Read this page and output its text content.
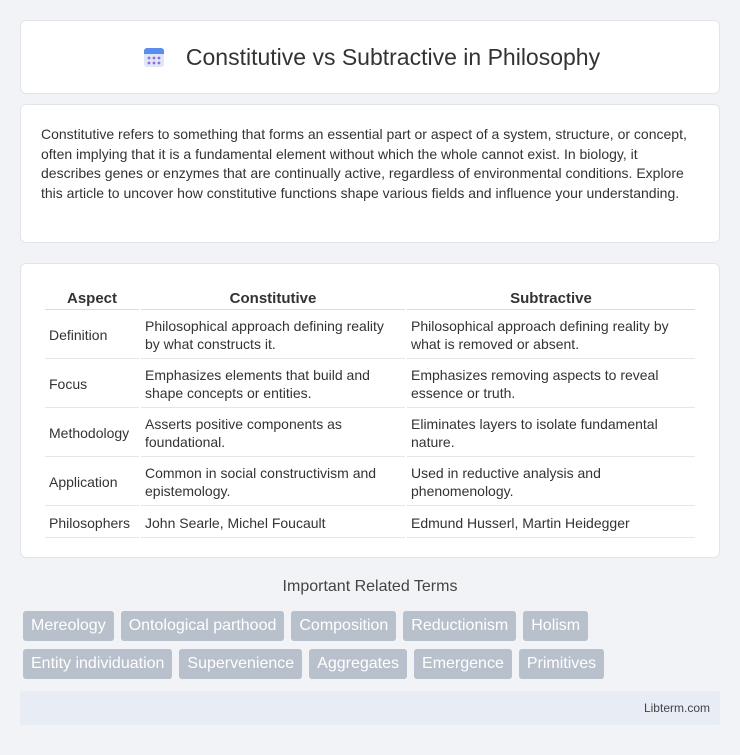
Constitutive vs Subtractive in Philosophy

Constitutive refers to something that forms an essential part or aspect of a system, structure, or concept, often implying that it is a fundamental element without which the whole cannot exist. In biology, it describes genes or enzymes that are continually active, regardless of environmental conditions. Explore this article to uncover how constitutive functions shape various fields and influence your understanding.

Aspect	Constitutive	Subtractive
Definition	Philosophical approach defining reality by what constructs it.	Philosophical approach defining reality by what is removed or absent.
Focus	Emphasizes elements that build and shape concepts or entities.	Emphasizes removing aspects to reveal essence or truth.
Methodology	Asserts positive components as foundational.	Eliminates layers to isolate fundamental nature.
Application	Common in social constructivism and epistemology.	Used in reductive analysis and phenomenology.
Philosophers	John Searle, Michel Foucault	Edmund Husserl, Martin Heidegger
Important Related Terms
Mereology	Ontological parthood	Composition	Reductionism	Holism
Entity individuation	Supervenience	Aggregates	Emergence	Primitives
Libterm.com
